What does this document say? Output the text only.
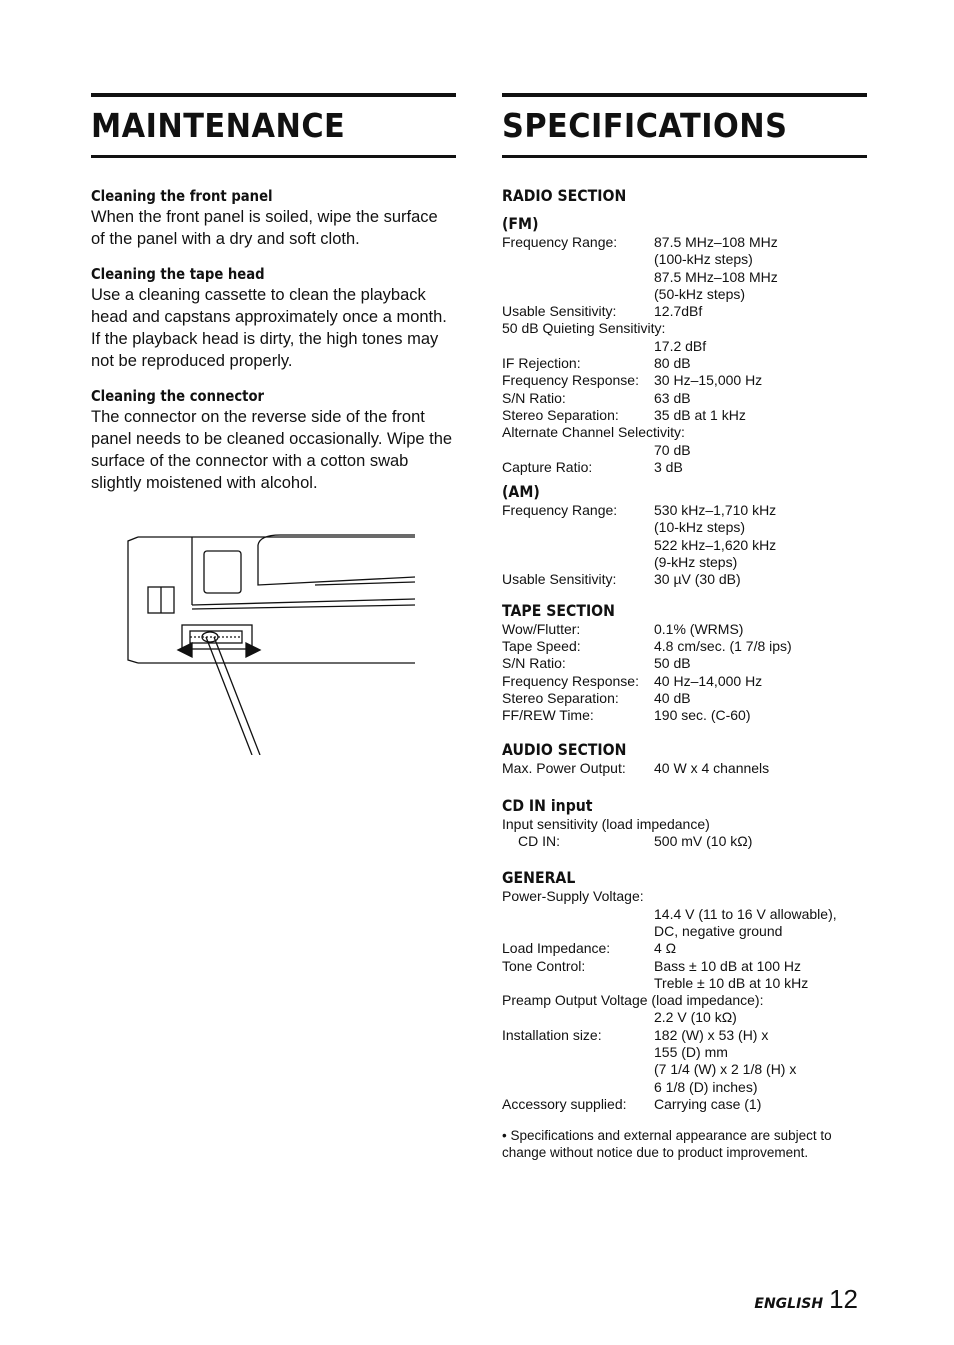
MAINTENANCE
Cleaning the front panel

When the front panel is soiled, wipe the surface of the panel with a dry and soft cloth.

Cleaning the tape head

Use a cleaning cassette to clean the playback head and capstans approximately once a month. If the playback head is dirty, the high tones may not be reproduced properly.

Cleaning the connector

The connector on the reverse side of the front panel needs to be cleaned occasionally. Wipe the surface of the connector with a cotton swab slightly moistened with alcohol.

SPECIFICATIONS
RADIO SECTION
(FM)
Frequency Range:	87.5 MHz–108 MHz
(100-kHz steps)
87.5 MHz–108 MHz
(50-kHz steps)
Usable Sensitivity:	12.7dBf
50 dB Quieting Sensitivity:
17.2 dBf
IF Rejection:	80 dB
Frequency Response:	30 Hz–15,000 Hz
S/N Ratio:	63 dB
Stereo Separation:	35 dB at 1 kHz
Alternate Channel Selectivity:
70 dB
Capture Ratio:	3 dB
(AM)
Frequency Range:	530 kHz–1,710 kHz
(10-kHz steps)
522 kHz–1,620 kHz
(9-kHz steps)
Usable Sensitivity:	30 µV (30 dB)
TAPE SECTION
Wow/Flutter:	0.1% (WRMS)
Tape Speed:	4.8 cm/sec. (1 7/8 ips)
S/N Ratio:	50 dB
Frequency Response:	40 Hz–14,000 Hz
Stereo Separation:	40 dB
FF/REW Time:	190 sec. (C-60)
AUDIO SECTION
Max. Power Output:	40 W x 4 channels
CD IN input
Input sensitivity (load impedance)
CD IN:	500 mV (10 kΩ)
GENERAL
Power-Supply Voltage:
14.4 V (11 to 16 V allowable),
DC, negative ground
Load Impedance:	4 Ω
Tone Control:	Bass ± 10 dB at 100 Hz
Treble ± 10 dB at 10 kHz
Preamp Output Voltage (load impedance):
2.2 V (10 kΩ)
Installation size:	182 (W) x 53 (H) x
155 (D) mm
(7 1/4 (W) x 2 1/8 (H) x
6 1/8 (D) inches)
Accessory supplied:	Carrying case (1)
• Specifications and external appearance are subject to change without notice due to product improvement.
ENGLISH 12
